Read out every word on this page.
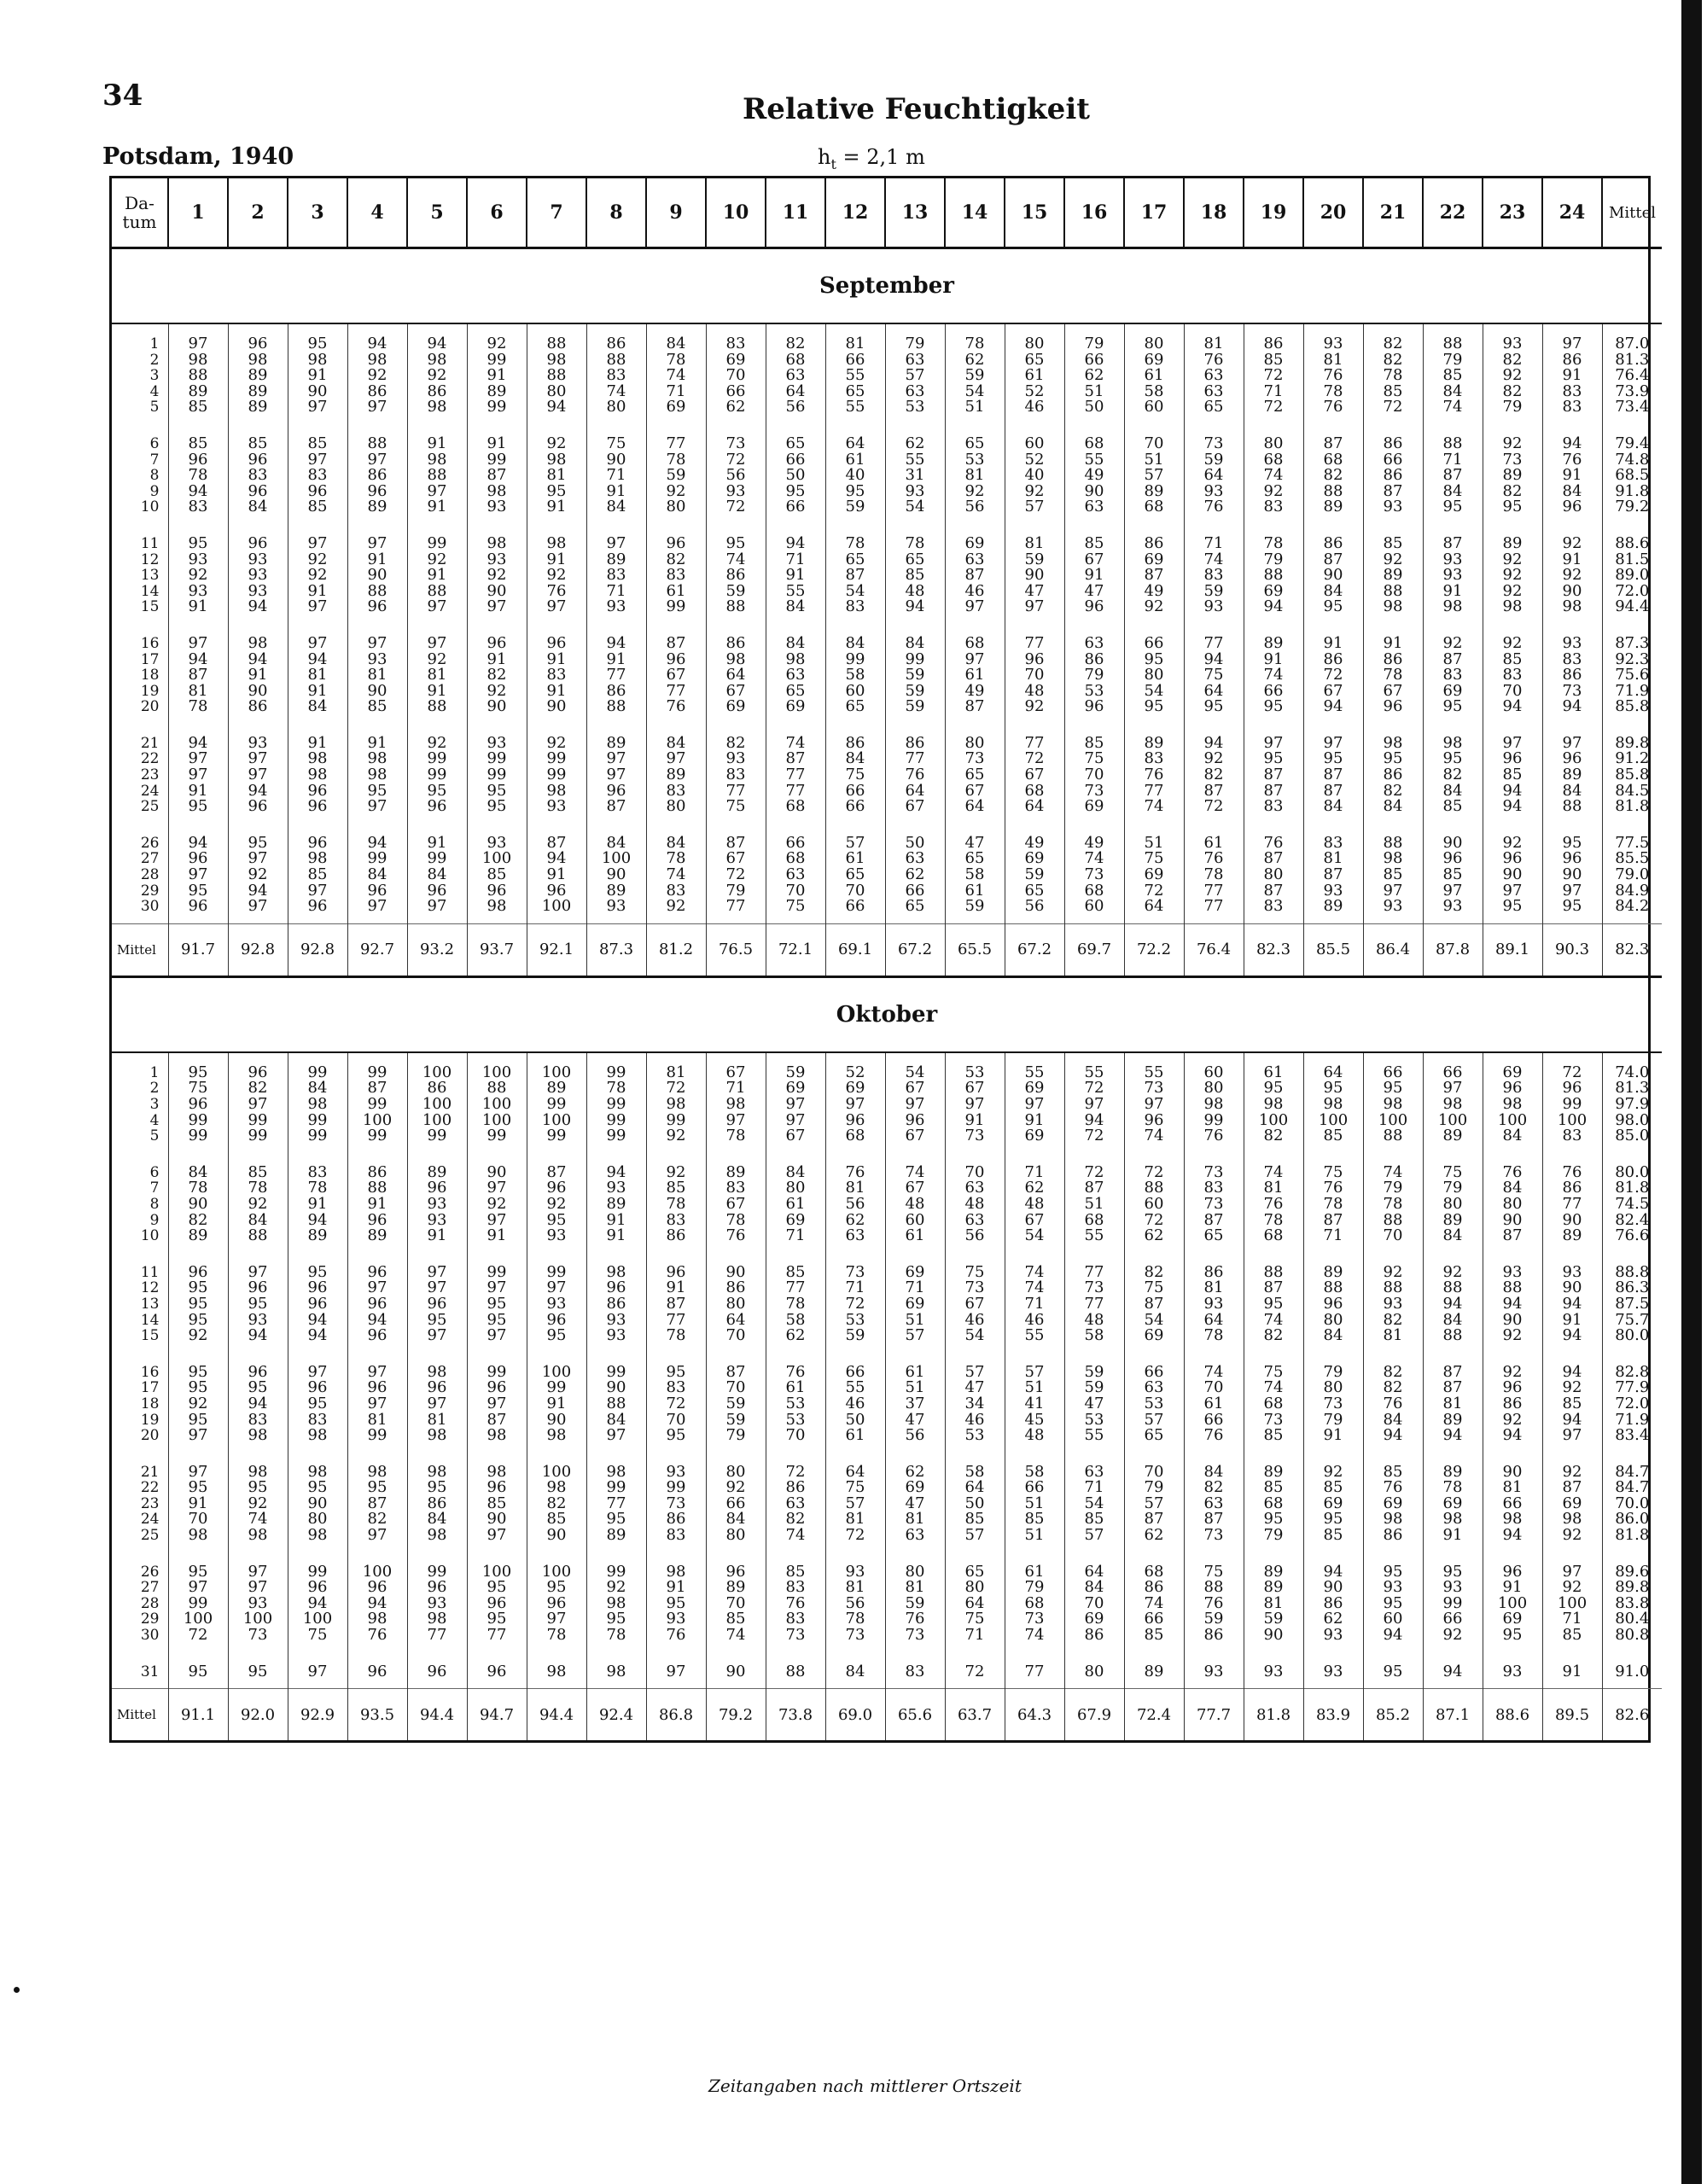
34	Relative Feuchtigkeit
Potsdam, 1940	$h_t = 2,1$ m
Da-
tum	1	2	3	4	5	6	7	8	9	10	11	12	13	14	15	16	17	18	19	20	21	22	23	24	Mittel
September																									
1	97	96	95	94	94	92	88	86	84	83	82	81	79	78	80	79	80	81	86	93	82	88	93	97	87.0
2	98	98	98	98	98	99	98	88	78	69	68	66	63	62	65	66	69	76	85	81	82	79	82	86	81.3
3	88	89	91	92	92	91	88	83	74	70	63	55	57	59	61	62	61	63	72	76	78	85	92	91	76.4
4	89	89	90	86	86	89	80	74	71	66	64	65	63	54	52	51	58	63	71	78	85	84	82	83	73.9
5	85	89	97	97	98	99	94	80	69	62	56	55	53	51	46	50	60	65	72	76	72	74	79	83	73.4
6	85	85	85	88	91	91	92	75	77	73	65	64	62	65	60	68	70	73	80	87	86	88	92	94	79.4
7	96	96	97	97	98	99	98	90	78	72	66	61	55	53	52	55	51	59	68	68	66	71	73	76	74.8
8	78	83	83	86	88	87	81	71	59	56	50	40	31	81	40	49	57	64	74	82	86	87	89	91	68.5
9	94	96	96	96	97	98	95	91	92	93	95	95	93	92	92	90	89	93	92	88	87	84	82	84	91.8
10	83	84	85	89	91	93	91	84	80	72	66	59	54	56	57	63	68	76	83	89	93	95	95	96	79.2
11	95	96	97	97	99	98	98	97	96	95	94	78	78	69	81	85	86	71	78	86	85	87	89	92	88.6
12	93	93	92	91	92	93	91	89	82	74	71	65	65	63	59	67	69	74	79	87	92	93	92	91	81.5
13	92	93	92	90	91	92	92	83	83	86	91	87	85	87	90	91	87	83	88	90	89	93	92	92	89.0
14	93	93	91	88	88	90	76	71	61	59	55	54	48	46	47	47	49	59	69	84	88	91	92	90	72.0
15	91	94	97	96	97	97	97	93	99	88	84	83	94	97	97	96	92	93	94	95	98	98	98	98	94.4
16	97	98	97	97	97	96	96	94	87	86	84	84	84	68	77	63	66	77	89	91	91	92	92	93	87.3
17	94	94	94	93	92	91	91	91	96	98	98	99	99	97	96	86	95	94	91	86	86	87	85	83	92.3
18	87	91	81	81	81	82	83	77	67	64	63	58	59	61	70	79	80	75	74	72	78	83	83	86	75.6
19	81	90	91	90	91	92	91	86	77	67	65	60	59	49	48	53	54	64	66	67	67	69	70	73	71.9
20	78	86	84	85	88	90	90	88	76	69	69	65	59	87	92	96	95	95	95	94	96	95	94	94	85.8
21	94	93	91	91	92	93	92	89	84	82	74	86	86	80	77	85	89	94	97	97	98	98	97	97	89.8
22	97	97	98	98	99	99	99	97	97	93	87	84	77	73	72	75	83	92	95	95	95	95	96	96	91.2
23	97	97	98	98	99	99	99	97	89	83	77	75	76	65	67	70	76	82	87	87	86	82	85	89	85.8
24	91	94	96	95	95	95	98	96	83	77	77	66	64	67	68	73	77	87	87	87	82	84	94	84	84.5
25	95	96	96	97	96	95	93	87	80	75	68	66	67	64	64	69	74	72	83	84	84	85	94	88	81.8
26	94	95	96	94	91	93	87	84	84	87	66	57	50	47	49	49	51	61	76	83	88	90	92	95	77.5
27	96	97	98	99	99	100	94	100	78	67	68	61	63	65	69	74	75	76	87	81	98	96	96	96	85.5
28	97	92	85	84	84	85	91	90	74	72	63	65	62	58	59	73	69	78	80	87	85	85	90	90	79.0
29	95	94	97	96	96	96	96	89	83	79	70	70	66	61	65	68	72	77	87	93	97	97	97	97	84.9
30	96	97	96	97	97	98	100	93	92	77	75	66	65	59	56	60	64	77	83	89	93	93	95	95	84.2
Mittel	91.7	92.8	92.8	92.7	93.2	93.7	92.1	87.3	81.2	76.5	72.1	69.1	67.2	65.5	67.2	69.7	72.2	76.4	82.3	85.5	86.4	87.8	89.1	90.3	82.3
Oktober																									
1	95	96	99	99	100	100	100	99	81	67	59	52	54	53	55	55	55	60	61	64	66	66	69	72	74.0
2	75	82	84	87	86	88	89	78	72	71	69	69	67	67	69	72	73	80	95	95	95	97	96	96	81.3
3	96	97	98	99	100	100	99	99	98	98	97	97	97	97	97	97	97	98	98	98	98	98	98	99	97.9
4	99	99	99	100	100	100	100	99	99	97	97	96	96	91	91	94	96	99	100	100	100	100	100	100	98.0
5	99	99	99	99	99	99	99	99	92	78	67	68	67	73	69	72	74	76	82	85	88	89	84	83	85.0
6	84	85	83	86	89	90	87	94	92	89	84	76	74	70	71	72	72	73	74	75	74	75	76	76	80.0
7	78	78	78	88	96	97	96	93	85	83	80	81	67	63	62	87	88	83	81	76	79	79	84	86	81.8
8	90	92	91	91	93	92	92	89	78	67	61	56	48	48	48	51	60	73	76	78	78	80	80	77	74.5
9	82	84	94	96	93	97	95	91	83	78	69	62	60	63	67	68	72	87	78	87	88	89	90	90	82.4
10	89	88	89	89	91	91	93	91	86	76	71	63	61	56	54	55	62	65	68	71	70	84	87	89	76.6
11	96	97	95	96	97	99	99	98	96	90	85	73	69	75	74	77	82	86	88	89	92	92	93	93	88.8
12	95	96	96	97	97	97	97	96	91	86	77	71	71	73	74	73	75	81	87	88	88	88	88	90	86.3
13	95	95	96	96	96	95	93	86	87	80	78	72	69	67	71	77	87	93	95	96	93	94	94	94	87.5
14	95	93	94	94	95	95	96	93	77	64	58	53	51	46	46	48	54	64	74	80	82	84	90	91	75.7
15	92	94	94	96	97	97	95	93	78	70	62	59	57	54	55	58	69	78	82	84	81	88	92	94	80.0
16	95	96	97	97	98	99	100	99	95	87	76	66	61	57	57	59	66	74	75	79	82	87	92	94	82.8
17	95	95	96	96	96	96	99	90	83	70	61	55	51	47	51	59	63	70	74	80	82	87	96	92	77.9
18	92	94	95	97	97	97	91	88	72	59	53	46	37	34	41	47	53	61	68	73	76	81	86	85	72.0
19	95	83	83	81	81	87	90	84	70	59	53	50	47	46	45	53	57	66	73	79	84	89	92	94	71.9
20	97	98	98	99	98	98	98	97	95	79	70	61	56	53	48	55	65	76	85	91	94	94	94	97	83.4
21	97	98	98	98	98	98	100	98	93	80	72	64	62	58	58	63	70	84	89	92	85	89	90	92	84.7
22	95	95	95	95	95	96	98	99	99	92	86	75	69	64	66	71	79	82	85	85	76	78	81	87	84.7
23	91	92	90	87	86	85	82	77	73	66	63	57	47	50	51	54	57	63	68	69	69	69	66	69	70.0
24	70	74	80	82	84	90	85	95	86	84	82	81	81	85	85	85	87	87	95	95	98	98	98	98	86.0
25	98	98	98	97	98	97	90	89	83	80	74	72	63	57	51	57	62	73	79	85	86	91	94	92	81.8
26	95	97	99	100	99	100	100	99	98	96	85	93	80	65	61	64	68	75	89	94	95	95	96	97	89.6
27	97	97	96	96	96	95	95	92	91	89	83	81	81	80	79	84	86	88	89	90	93	93	91	92	89.8
28	99	93	94	94	93	96	96	98	95	70	76	56	59	64	68	70	74	76	81	86	95	99	100	100	83.8
29	100	100	100	98	98	95	97	95	93	85	83	78	76	75	73	69	66	59	59	62	60	66	69	71	80.4
30	72	73	75	76	77	77	78	78	76	74	73	73	73	71	74	86	85	86	90	93	94	92	95	85	80.8
31	95	95	97	96	96	96	98	98	97	90	88	84	83	72	77	80	89	93	93	93	95	94	93	91	91.0
Mittel	91.1	92.0	92.9	93.5	94.4	94.7	94.4	92.4	86.8	79.2	73.8	69.0	65.6	63.7	64.3	67.9	72.4	77.7	81.8	83.9	85.2	87.1	88.6	89.5	82.6
Zeitangaben nach mittlerer Ortszeit
